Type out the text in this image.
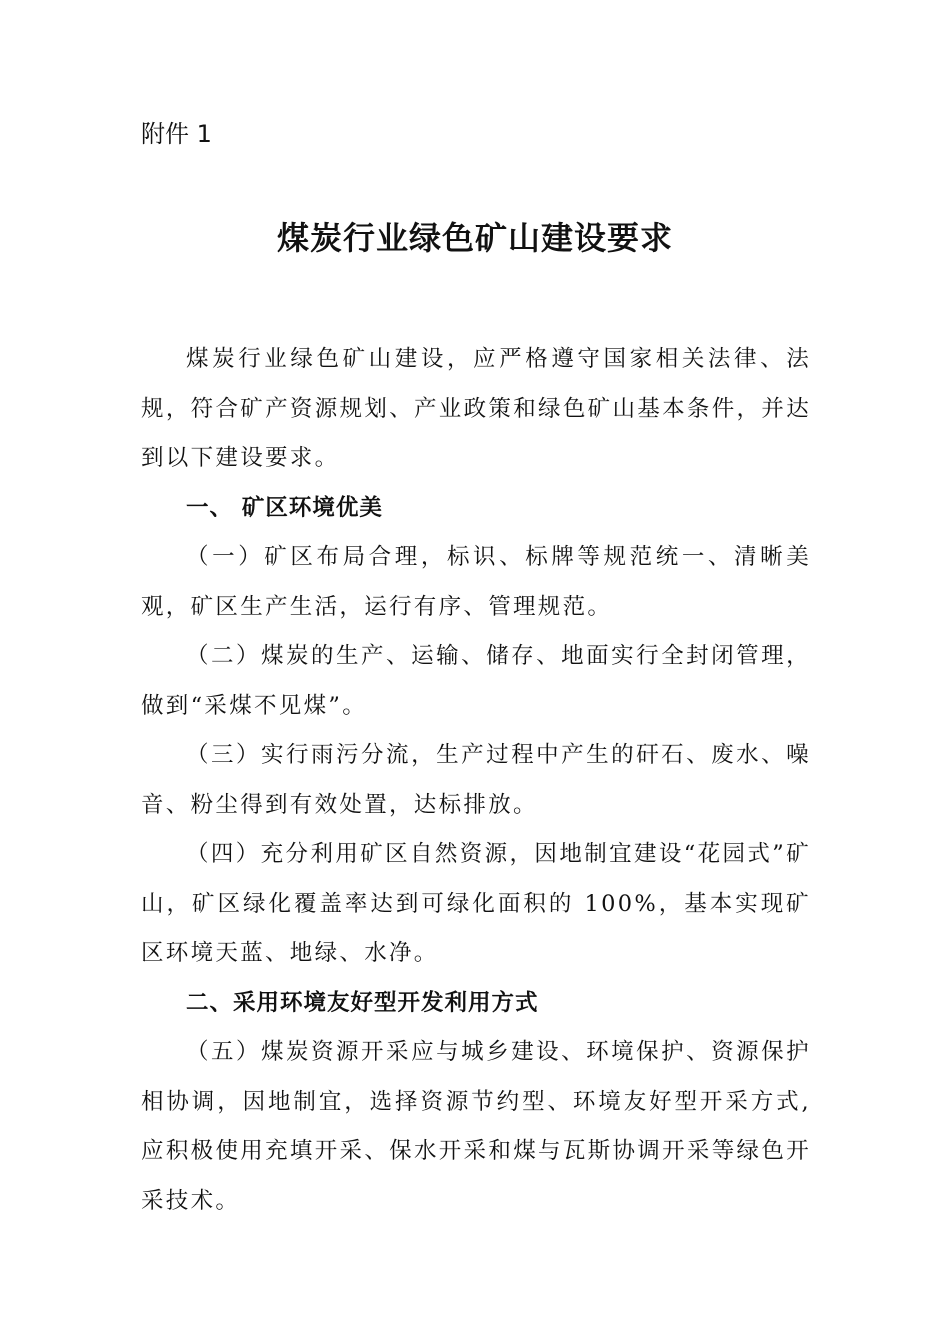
附件 1
煤炭行业绿色矿山建设要求

煤炭行业绿色矿山建设，应严格遵守国家相关法律、法规，符合矿产资源规划、产业政策和绿色矿山基本条件，并达到以下建设要求。

一、 矿区环境优美

（一）矿区布局合理，标识、标牌等规范统一、清晰美观，矿区生产生活，运行有序、管理规范。

（二）煤炭的生产、运输、储存、地面实行全封闭管理，做到“采煤不见煤”。

（三）实行雨污分流，生产过程中产生的矸石、废水、噪音、粉尘得到有效处置，达标排放。

（四）充分利用矿区自然资源，因地制宜建设“花园式”矿山，矿区绿化覆盖率达到可绿化面积的 100%，基本实现矿区环境天蓝、地绿、水净。

二、采用环境友好型开发利用方式

（五）煤炭资源开采应与城乡建设、环境保护、资源保护相协调，因地制宜，选择资源节约型、环境友好型开采方式,应积极使用充填开采、保水开采和煤与瓦斯协调开采等绿色开采技术。
